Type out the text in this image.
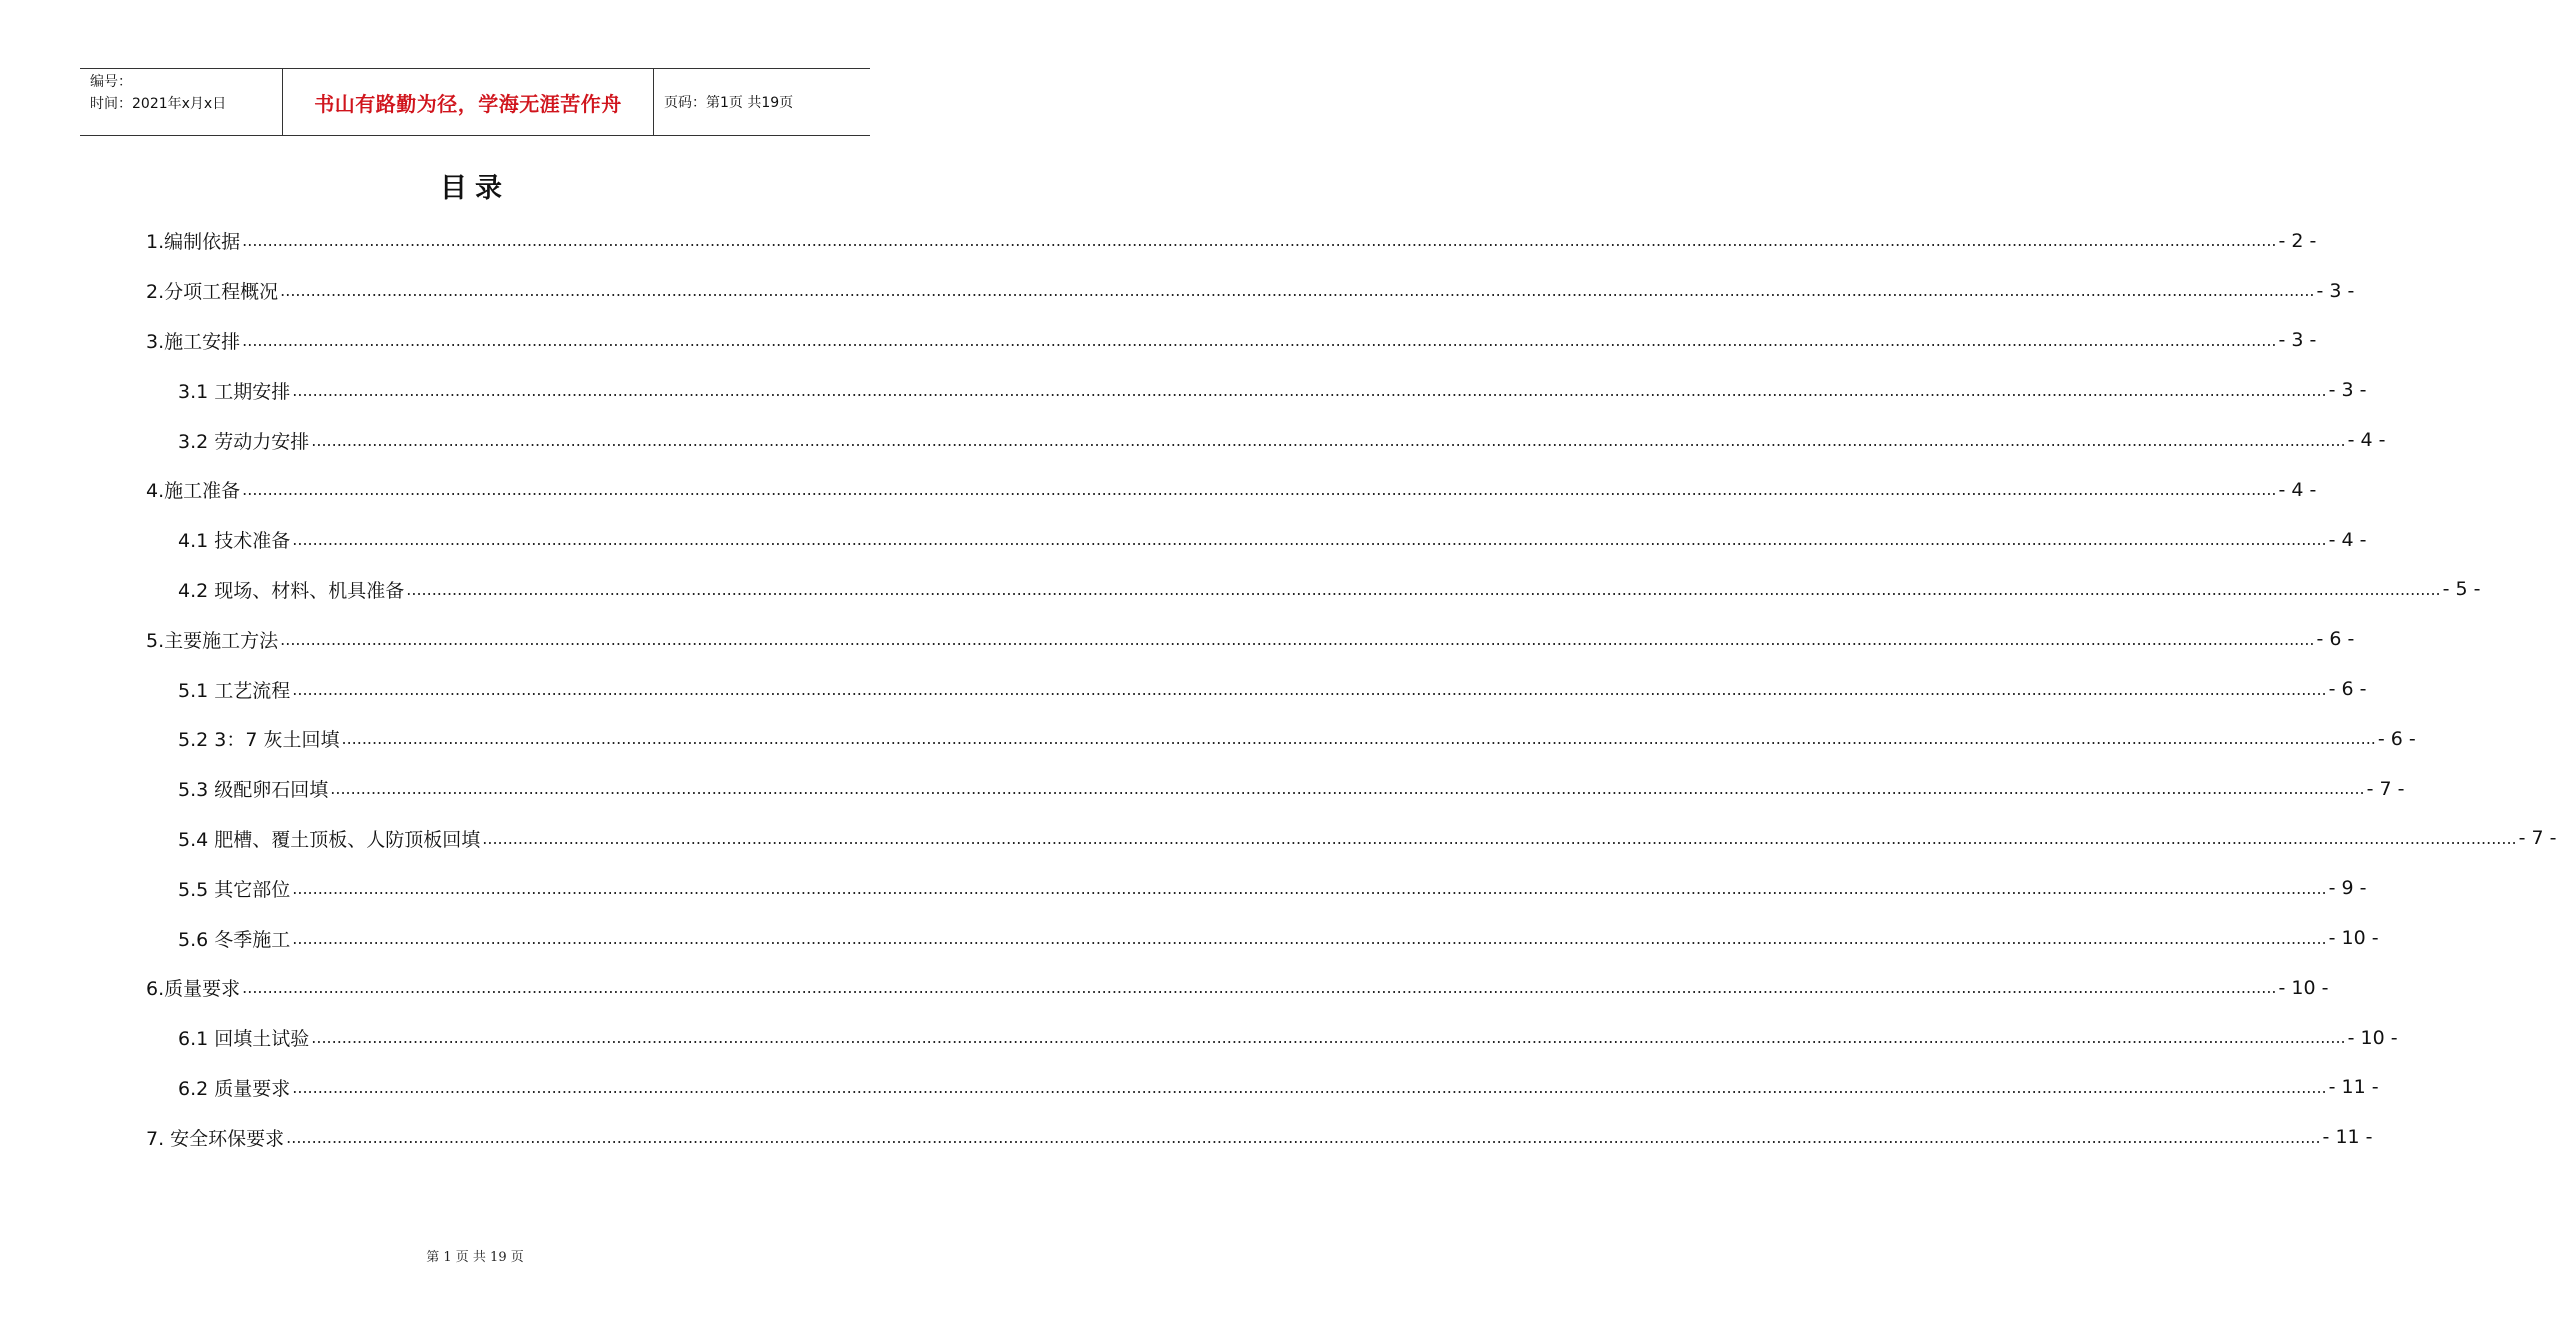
编号：
时间：2021年x月x日	书山有路勤为径，学海无涯苦作舟	页码：第1页 共19页
目录
1.编制依据 ................................................................................................................................................................................................................................................................................................................................................................................................................ - 2 -
2.分项工程概况 ................................................................................................................................................................................................................................................................................................................................................................................................................ - 3 -
3.施工安排 ................................................................................................................................................................................................................................................................................................................................................................................................................ - 3 -
3.1 工期安排 ................................................................................................................................................................................................................................................................................................................................................................................................................ - 3 -
3.2 劳动力安排 ................................................................................................................................................................................................................................................................................................................................................................................................................ - 4 -
4.施工准备 ................................................................................................................................................................................................................................................................................................................................................................................................................ - 4 -
4.1 技术准备 ................................................................................................................................................................................................................................................................................................................................................................................................................ - 4 -
4.2 现场、材料、机具准备 ................................................................................................................................................................................................................................................................................................................................................................................................................ - 5 -
5.主要施工方法 ................................................................................................................................................................................................................................................................................................................................................................................................................ - 6 -
5.1 工艺流程 ................................................................................................................................................................................................................................................................................................................................................................................................................ - 6 -
5.2 3：7 灰土回填 ................................................................................................................................................................................................................................................................................................................................................................................................................ - 6 -
5.3 级配卵石回填 ................................................................................................................................................................................................................................................................................................................................................................................................................ - 7 -
5.4 肥槽、覆土顶板、人防顶板回填 ................................................................................................................................................................................................................................................................................................................................................................................................................ - 7 -
5.5 其它部位 ................................................................................................................................................................................................................................................................................................................................................................................................................ - 9 -
5.6 冬季施工 ................................................................................................................................................................................................................................................................................................................................................................................................................ - 10 -
6.质量要求 ................................................................................................................................................................................................................................................................................................................................................................................................................ - 10 -
6.1 回填土试验 ................................................................................................................................................................................................................................................................................................................................................................................................................ - 10 -
6.2 质量要求 ................................................................................................................................................................................................................................................................................................................................................................................................................ - 11 -
7. 安全环保要求 ................................................................................................................................................................................................................................................................................................................................................................................................................ - 11 -
第 1 页 共 19 页
